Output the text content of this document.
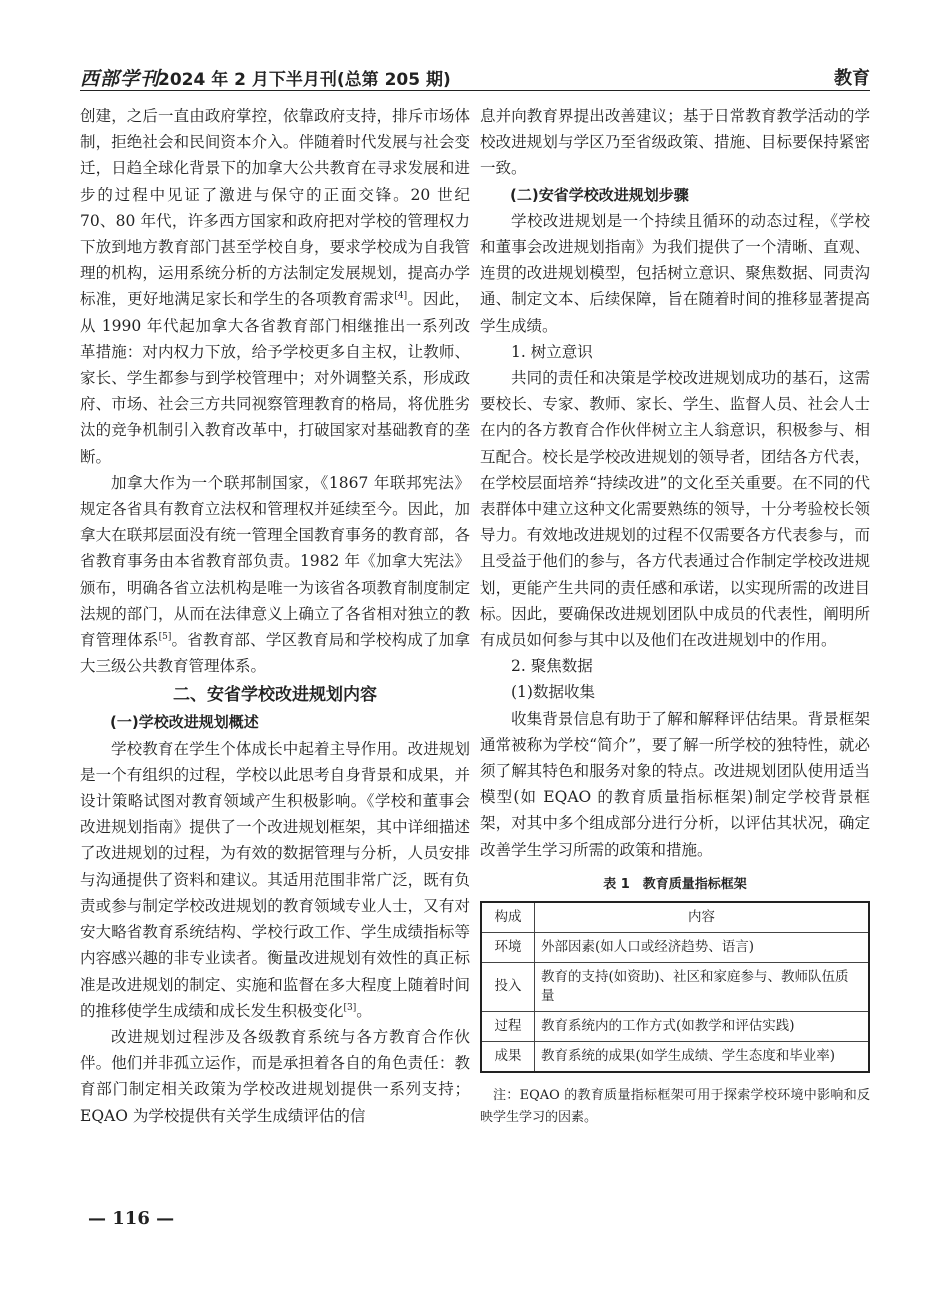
西部学刊
2024 年 2 月下半月刊(总第 205 期)	教育

创建，之后一直由政府掌控，依靠政府支持，排斥市场体制，拒绝社会和民间资本介入。伴随着时代发展与社会变迁，日趋全球化背景下的加拿大公共教育在寻求发展和进步的过程中见证了激进与保守的正面交锋。20 世纪 70、80 年代，许多西方国家和政府把对学校的管理权力下放到地方教育部门甚至学校自身，要求学校成为自我管理的机构，运用系统分析的方法制定发展规划，提高办学标准，更好地满足家长和学生的各项教育需求[4]。因此，从 1990 年代起加拿大各省教育部门相继推出一系列改革措施：对内权力下放，给予学校更多自主权，让教师、家长、学生都参与到学校管理中；对外调整关系，形成政府、市场、社会三方共同视察管理教育的格局，将优胜劣汰的竞争机制引入教育改革中，打破国家对基础教育的垄断。

加拿大作为一个联邦制国家，《1867 年联邦宪法》规定各省具有教育立法权和管理权并延续至今。因此，加拿大在联邦层面没有统一管理全国教育事务的教育部，各省教育事务由本省教育部负责。1982 年《加拿大宪法》颁布，明确各省立法机构是唯一为该省各项教育制度制定法规的部门，从而在法律意义上确立了各省相对独立的教育管理体系[5]。省教育部、学区教育局和学校构成了加拿大三级公共教育管理体系。

二、安省学校改进规划内容
(一)学校改进规划概述

学校教育在学生个体成长中起着主导作用。改进规划是一个有组织的过程，学校以此思考自身背景和成果，并设计策略试图对教育领域产生积极影响。《学校和董事会改进规划指南》提供了一个改进规划框架，其中详细描述了改进规划的过程，为有效的数据管理与分析，人员安排与沟通提供了资料和建议。其适用范围非常广泛，既有负责或参与制定学校改进规划的教育领域专业人士，又有对安大略省教育系统结构、学校行政工作、学生成绩指标等内容感兴趣的非专业读者。衡量改进规划有效性的真正标准是改进规划的制定、实施和监督在多大程度上随着时间的推移使学生成绩和成长发生积极变化[3]。

改进规划过程涉及各级教育系统与各方教育合作伙伴。他们并非孤立运作，而是承担着各自的角色责任：教育部门制定相关政策为学校改进规划提供一系列支持；EQAO 为学校提供有关学生成绩评估的信

息并向教育界提出改善建议；基于日常教育教学活动的学校改进规划与学区乃至省级政策、措施、目标要保持紧密一致。

(二)安省学校改进规划步骤

学校改进规划是一个持续且循环的动态过程，《学校和董事会改进规划指南》为我们提供了一个清晰、直观、连贯的改进规划模型，包括树立意识、聚焦数据、同责沟通、制定文本、后续保障，旨在随着时间的推移显著提高学生成绩。

1. 树立意识

共同的责任和决策是学校改进规划成功的基石，这需要校长、专家、教师、家长、学生、监督人员、社会人士在内的各方教育合作伙伴树立主人翁意识，积极参与、相互配合。校长是学校改进规划的领导者，团结各方代表，在学校层面培养“持续改进”的文化至关重要。在不同的代表群体中建立这种文化需要熟练的领导，十分考验校长领导力。有效地改进规划的过程不仅需要各方代表参与，而且受益于他们的参与，各方代表通过合作制定学校改进规划，更能产生共同的责任感和承诺，以实现所需的改进目标。因此，要确保改进规划团队中成员的代表性，阐明所有成员如何参与其中以及他们在改进规划中的作用。

2. 聚焦数据

(1)数据收集

收集背景信息有助于了解和解释评估结果。背景框架通常被称为学校“简介”，要了解一所学校的独特性，就必须了解其特色和服务对象的特点。改进规划团队使用适当模型(如 EQAO 的教育质量指标框架)制定学校背景框架，对其中多个组成部分进行分析，以评估其状况，确定改善学生学习所需的政策和措施。

表 1　教育质量指标框架
构成	内容
环境	外部因素(如人口或经济趋势、语言)
投入	教育的支持(如资助)、社区和家庭参与、教师队伍质量
过程	教育系统内的工作方式(如教学和评估实践)
成果	教育系统的成果(如学生成绩、学生态度和毕业率)
注：EQAO 的教育质量指标框架可用于探索学校环境中影响和反映学生学习的因素。
— 116 —
